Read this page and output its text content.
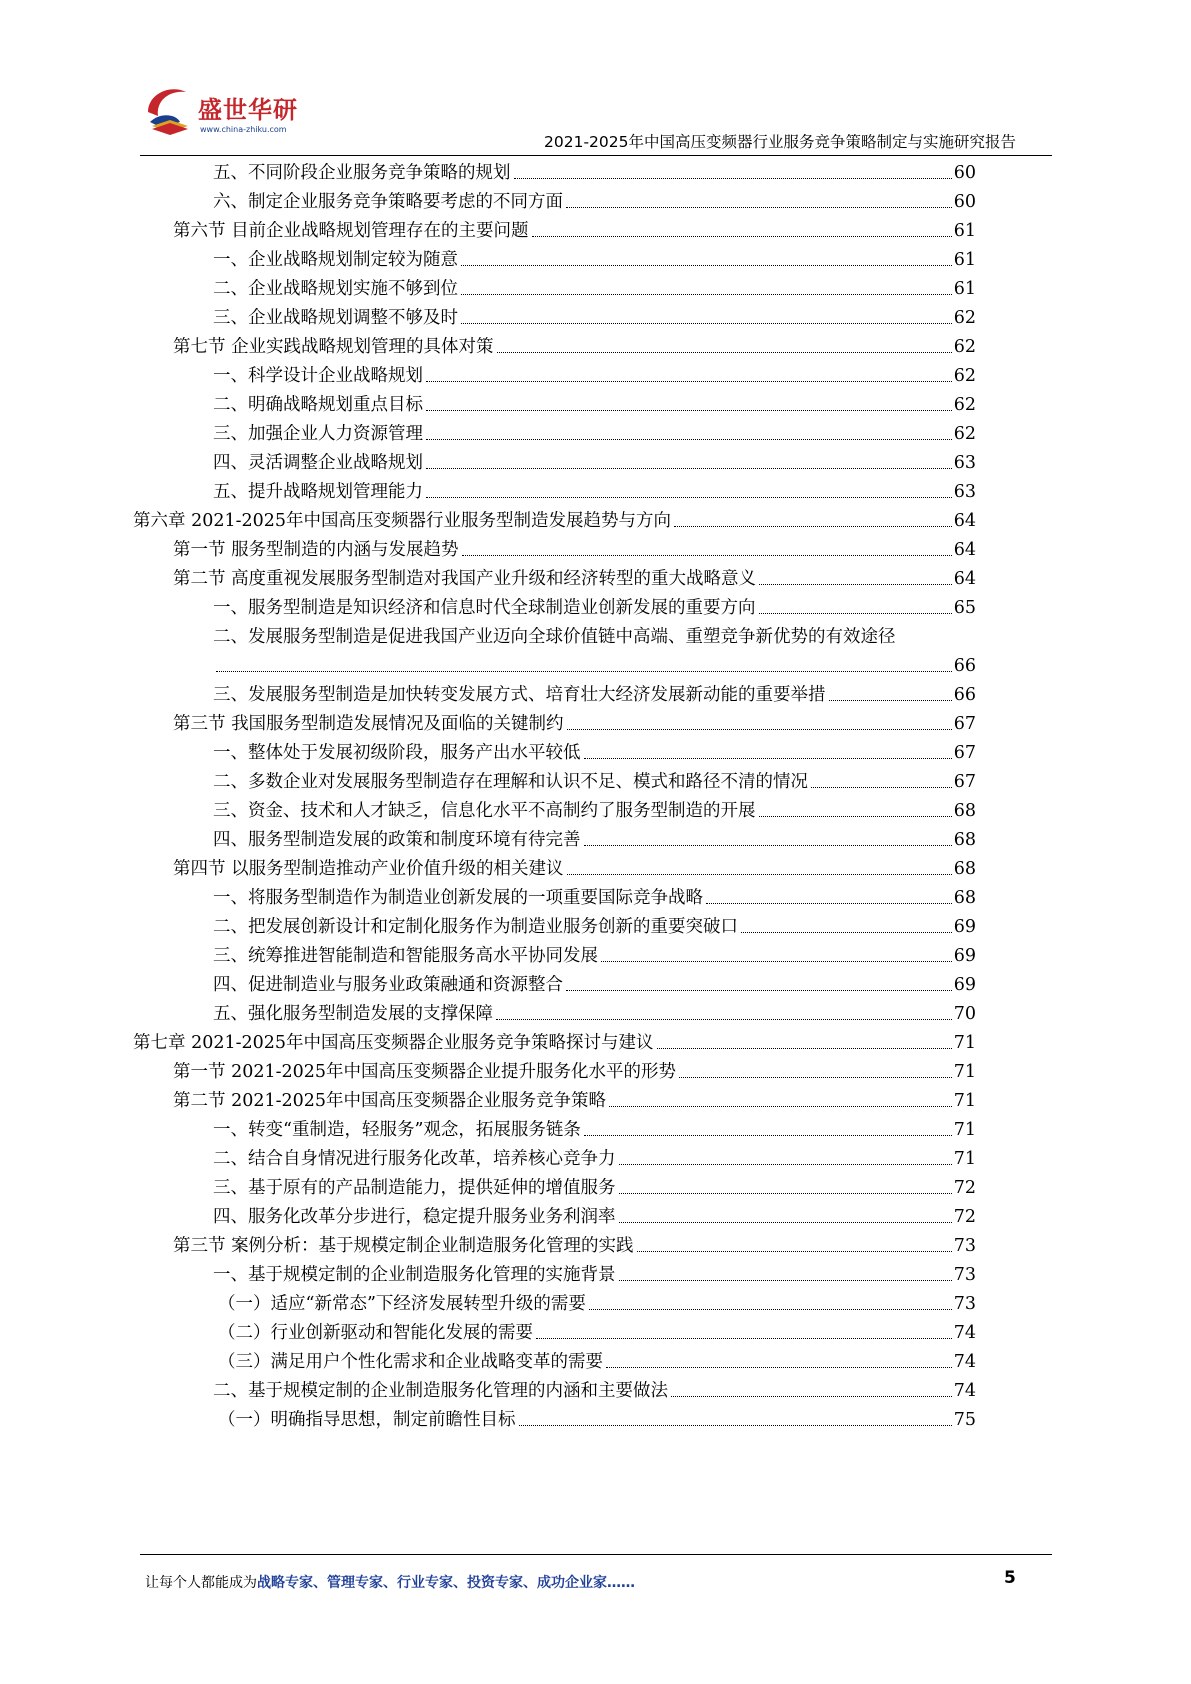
盛世华研
www.china-zhiku.com
2021-2025年中国高压变频器行业服务竞争策略制定与实施研究报告
五、不同阶段企业服务竞争策略的规划	60
六、制定企业服务竞争策略要考虑的不同方面	60
第六节 目前企业战略规划管理存在的主要问题	61
一、企业战略规划制定较为随意	61
二、企业战略规划实施不够到位	61
三、企业战略规划调整不够及时	62
第七节 企业实践战略规划管理的具体对策	62
一、科学设计企业战略规划	62
二、明确战略规划重点目标	62
三、加强企业人力资源管理	62
四、灵活调整企业战略规划	63
五、提升战略规划管理能力	63
第六章 2021-2025年中国高压变频器行业服务型制造发展趋势与方向	64
第一节 服务型制造的内涵与发展趋势	64
第二节 高度重视发展服务型制造对我国产业升级和经济转型的重大战略意义	64
一、服务型制造是知识经济和信息时代全球制造业创新发展的重要方向	65
二、发展服务型制造是促进我国产业迈向全球价值链中高端、重塑竞争新优势的有效途径
66
三、发展服务型制造是加快转变发展方式、培育壮大经济发展新动能的重要举措	66
第三节 我国服务型制造发展情况及面临的关键制约	67
一、整体处于发展初级阶段，服务产出水平较低	67
二、多数企业对发展服务型制造存在理解和认识不足、模式和路径不清的情况	67
三、资金、技术和人才缺乏，信息化水平不高制约了服务型制造的开展	68
四、服务型制造发展的政策和制度环境有待完善	68
第四节 以服务型制造推动产业价值升级的相关建议	68
一、将服务型制造作为制造业创新发展的一项重要国际竞争战略	68
二、把发展创新设计和定制化服务作为制造业服务创新的重要突破口	69
三、统筹推进智能制造和智能服务高水平协同发展	69
四、促进制造业与服务业政策融通和资源整合	69
五、强化服务型制造发展的支撑保障	70
第七章 2021-2025年中国高压变频器企业服务竞争策略探讨与建议	71
第一节 2021-2025年中国高压变频器企业提升服务化水平的形势	71
第二节 2021-2025年中国高压变频器企业服务竞争策略	71
一、转变“重制造，轻服务”观念，拓展服务链条	71
二、结合自身情况进行服务化改革，培养核心竞争力	71
三、基于原有的产品制造能力，提供延伸的增值服务	72
四、服务化改革分步进行，稳定提升服务业务利润率	72
第三节 案例分析：基于规模定制企业制造服务化管理的实践	73
一、基于规模定制的企业制造服务化管理的实施背景	73
（一）适应“新常态”下经济发展转型升级的需要	73
（二）行业创新驱动和智能化发展的需要	74
（三）满足用户个性化需求和企业战略变革的需要	74
二、基于规模定制的企业制造服务化管理的内涵和主要做法	74
（一）明确指导思想，制定前瞻性目标	75
让每个人都能成为战略专家、管理专家、行业专家、投资专家、成功企业家……	5
